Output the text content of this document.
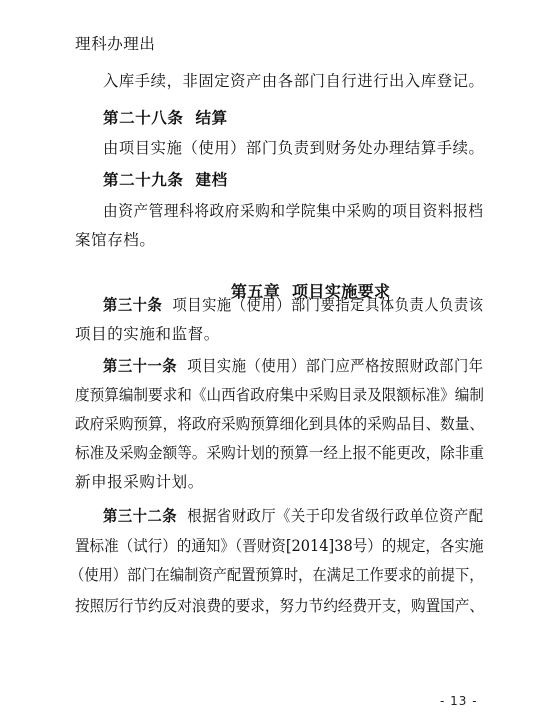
理科办理出
入库手续，非固定资产由各部门自行进行出入库登记。
第二十八条  结算
由项目实施（使用）部门负责到财务处办理结算手续。
第二十九条  建档
由资产管理科将政府采购和学院集中采购的项目资料报档
案馆存档。

第五章  项目实施要求

第三十条  项目实施（使用）部门要指定具体负责人负责该
项目的实施和监督。
第三十一条  项目实施（使用）部门应严格按照财政部门年
度预算编制要求和《山西省政府集中采购目录及限额标准》编制
政府采购预算，将政府采购预算细化到具体的采购品目、数量、
标准及采购金额等。采购计划的预算一经上报不能更改，除非重
新申报采购计划。
第三十二条  根据省财政厅《关于印发省级行政单位资产配
置标准（试行）的通知》（晋财资[2014]38号）的规定，各实施
（使用）部门在编制资产配置预算时，在满足工作要求的前提下，
按照厉行节约反对浪费的要求，努力节约经费开支，购置国产、
- 13 -
